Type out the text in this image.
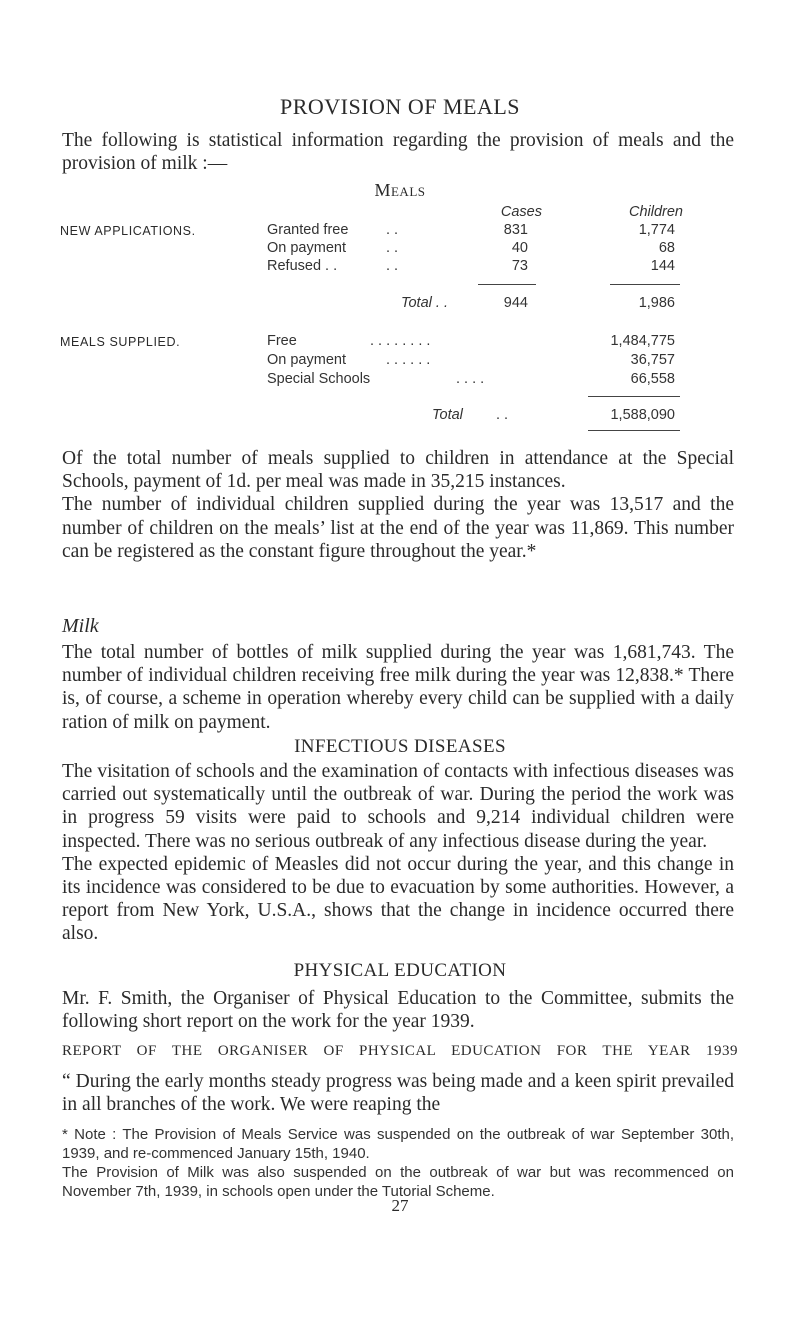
PROVISION OF MEALS

The following is statistical information regarding the provision of meals and the provision of milk :—

Meals
Cases	Children
NEW APPLICATIONS.	Granted free	. .	831	1,774
On payment	. .	40	68
Refused . .	. .	73	144
Total . .	944	1,986
MEALS SUPPLIED.	Free	. . . . . . . .	1,484,775
On payment	. . . . . .	36,757
Special Schools	. . . .	66,558
Total . .	1,588,090

Of the total number of meals supplied to children in attendance at the Special Schools, payment of 1d. per meal was made in 35,215 instances.

The number of individual children supplied during the year was 13,517 and the number of children on the meals’ list at the end of the year was 11,869. This number can be registered as the constant figure throughout the year.*

Milk

The total number of bottles of milk supplied during the year was 1,681,743. The number of individual children receiving free milk during the year was 12,838.* There is, of course, a scheme in operation whereby every child can be supplied with a daily ration of milk on payment.

INFECTIOUS DISEASES

The visitation of schools and the examination of contacts with infectious diseases was carried out systematically until the outbreak of war. During the period the work was in progress 59 visits were paid to schools and 9,214 individual children were inspected. There was no serious outbreak of any infectious disease during the year.

The expected epidemic of Measles did not occur during the year, and this change in its incidence was considered to be due to evacuation by some authorities. However, a report from New York, U.S.A., shows that the change in incidence occurred there also.

PHYSICAL EDUCATION

Mr. F. Smith, the Organiser of Physical Education to the Committee, submits the following short report on the work for the year 1939.

REPORT OF THE ORGANISER OF PHYSICAL EDUCATION FOR THE YEAR 1939

“ During the early months steady progress was being made and a keen spirit prevailed in all branches of the work. We were reaping the

* Note : The Provision of Meals Service was suspended on the outbreak of war September 30th, 1939, and re-commenced January 15th, 1940.

The Provision of Milk was also suspended on the outbreak of war but was recommenced on November 7th, 1939, in schools open under the Tutorial Scheme.

27
